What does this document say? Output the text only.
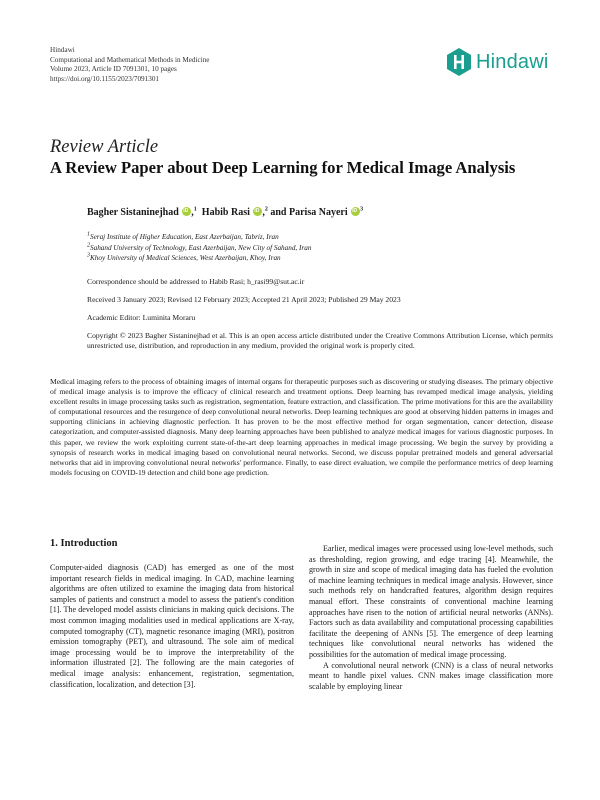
Hindawi
Computational and Mathematical Methods in Medicine
Volume 2023, Article ID 7091301, 10 pages
https://doi.org/10.1155/2023/7091301
Hindawi
Review Article
A Review Paper about Deep Learning for Medical Image Analysis
Bagher Sistaninejhad iD ,$^1$ Habib Rasi iD ,$^2$ and Parisa Nayeri iD $^3$
$^1$Seraj Institute of Higher Education, East Azerbaijan, Tabriz, Iran
$^2$Sahand University of Technology, East Azerbaijan, New City of Sahand, Iran
$^3$Khoy University of Medical Sciences, West Azerbaijan, Khoy, Iran
Correspondence should be addressed to Habib Rasi; h_rasi99@sut.ac.ir
Received 3 January 2023; Revised 12 February 2023; Accepted 21 April 2023; Published 29 May 2023
Academic Editor: Luminita Moraru
Copyright © 2023 Bagher Sistaninejhad et al. This is an open access article distributed under the Creative Commons Attribution License, which permits unrestricted use, distribution, and reproduction in any medium, provided the original work is properly cited.
Medical imaging refers to the process of obtaining images of internal organs for therapeutic purposes such as discovering or studying diseases. The primary objective of medical image analysis is to improve the efficacy of clinical research and treatment options. Deep learning has revamped medical image analysis, yielding excellent results in image processing tasks such as registration, segmentation, feature extraction, and classification. The prime motivations for this are the availability of computational resources and the resurgence of deep convolutional neural networks. Deep learning techniques are good at observing hidden patterns in images and supporting clinicians in achieving diagnostic perfection. It has proven to be the most effective method for organ segmentation, cancer detection, disease categorization, and computer-assisted diagnosis. Many deep learning approaches have been published to analyze medical images for various diagnostic purposes. In this paper, we review the work exploiting current state-of-the-art deep learning approaches in medical image processing. We begin the survey by providing a synopsis of research works in medical imaging based on convolutional neural networks. Second, we discuss popular pretrained models and general adversarial networks that aid in improving convolutional neural networks' performance. Finally, to ease direct evaluation, we compile the performance metrics of deep learning models focusing on COVID-19 detection and child bone age prediction.
1. Introduction
Computer-aided diagnosis (CAD) has emerged as one of the most important research fields in medical imaging. In CAD, machine learning algorithms are often utilized to examine the imaging data from historical samples of patients and construct a model to assess the patient's condition [1]. The developed model assists clinicians in making quick decisions. The most common imaging modalities used in medical applications are X-ray, computed tomography (CT), magnetic resonance imaging (MRI), positron emission tomography (PET), and ultrasound. The sole aim of medical image processing would be to improve the interpretability of the information illustrated [2]. The following are the main categories of medical image analysis: enhancement, registration, segmentation, classification, localization, and detection [3].

Earlier, medical images were processed using low-level methods, such as thresholding, region growing, and edge tracing [4]. Meanwhile, the growth in size and scope of medical imaging data has fueled the evolution of machine learning techniques in medical image analysis. However, since such methods rely on handcrafted features, algorithm design requires manual effort. These constraints of conventional machine learning approaches have risen to the notion of artificial neural networks (ANNs). Factors such as data availability and computational processing capabilities facilitate the deepening of ANNs [5]. The emergence of deep learning techniques like convolutional neural networks has widened the possibilities for the automation of medical image processing.

A convolutional neural network (CNN) is a class of neural networks meant to handle pixel values. CNN makes image classification more scalable by employing linear
